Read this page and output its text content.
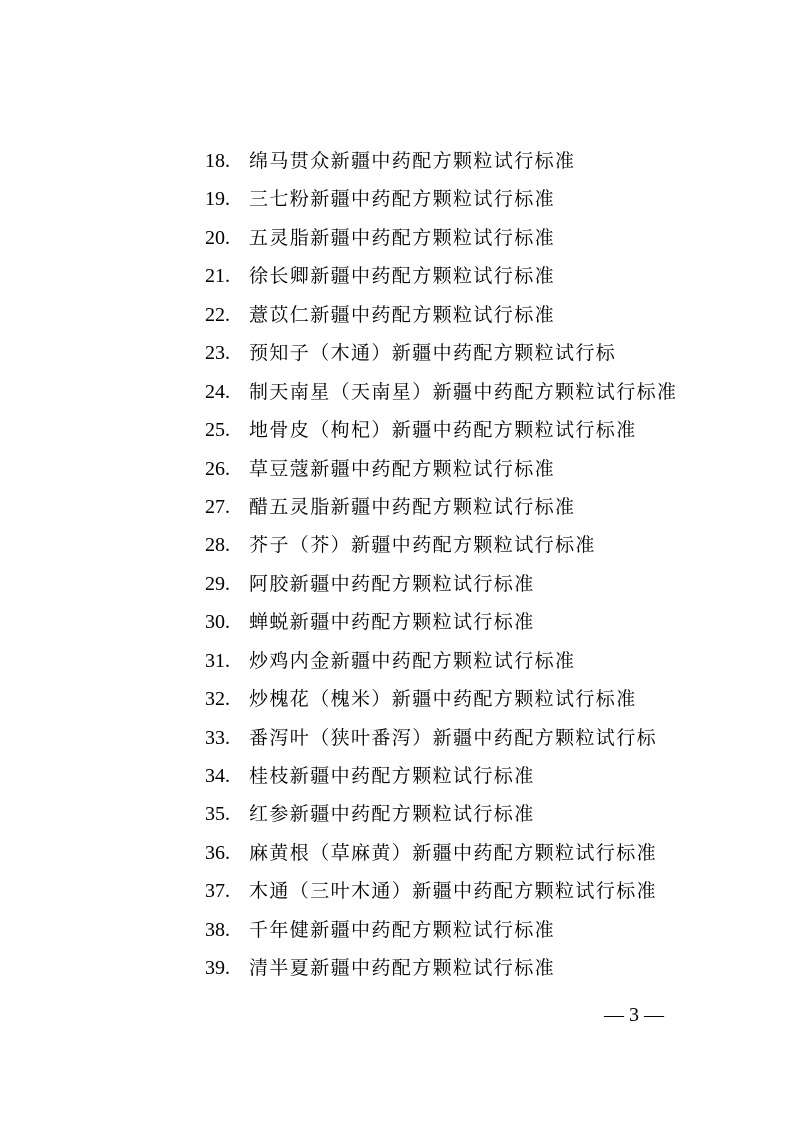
18. 绵马贯众新疆中药配方颗粒试行标准
19. 三七粉新疆中药配方颗粒试行标准
20. 五灵脂新疆中药配方颗粒试行标准
21. 徐长卿新疆中药配方颗粒试行标准
22. 薏苡仁新疆中药配方颗粒试行标准
23. 预知子（木通）新疆中药配方颗粒试行标
24. 制天南星（天南星）新疆中药配方颗粒试行标准
25. 地骨皮（枸杞）新疆中药配方颗粒试行标准
26. 草豆蔻新疆中药配方颗粒试行标准
27. 醋五灵脂新疆中药配方颗粒试行标准
28. 芥子（芥）新疆中药配方颗粒试行标准
29. 阿胶新疆中药配方颗粒试行标准
30. 蝉蜕新疆中药配方颗粒试行标准
31. 炒鸡内金新疆中药配方颗粒试行标准
32. 炒槐花（槐米）新疆中药配方颗粒试行标准
33. 番泻叶（狭叶番泻）新疆中药配方颗粒试行标
34. 桂枝新疆中药配方颗粒试行标准
35. 红参新疆中药配方颗粒试行标准
36. 麻黄根（草麻黄）新疆中药配方颗粒试行标准
37. 木通（三叶木通）新疆中药配方颗粒试行标准
38. 千年健新疆中药配方颗粒试行标准
39. 清半夏新疆中药配方颗粒试行标准
— 3 —
